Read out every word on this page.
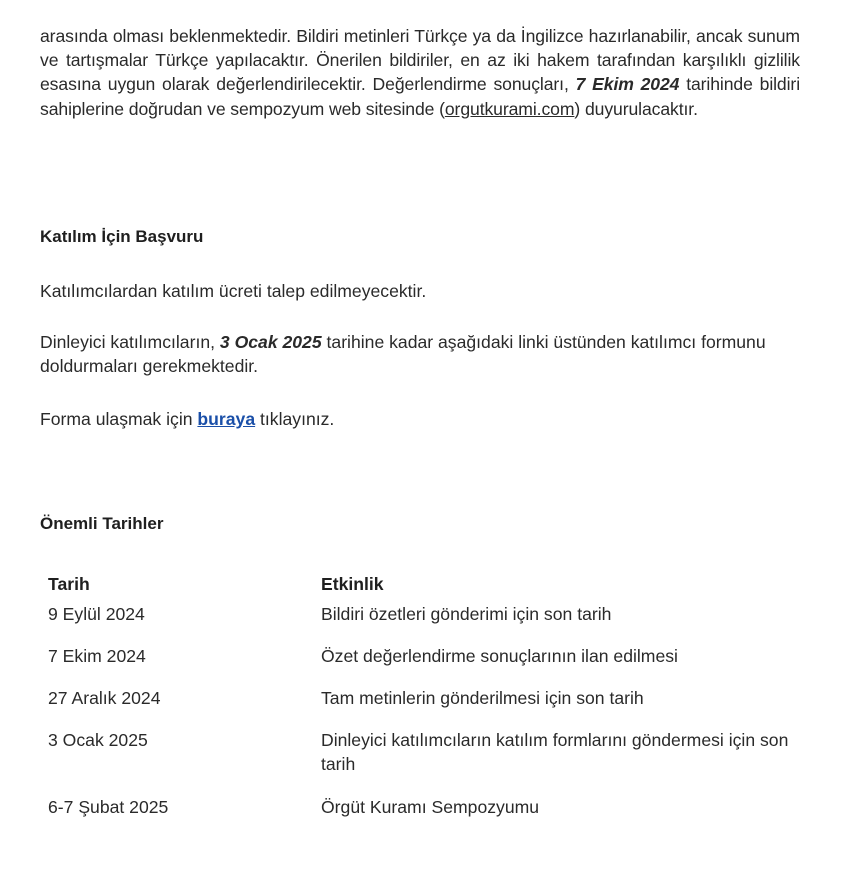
arasında olması beklenmektedir. Bildiri metinleri Türkçe ya da İngilizce hazırlanabilir, ancak sunum ve tartışmalar Türkçe yapılacaktır. Önerilen bildiriler, en az iki hakem tarafından karşılıklı gizlilik esasına uygun olarak değerlendirilecektir. Değerlendirme sonuçları, 7 Ekim 2024 tarihinde bildiri sahiplerine doğrudan ve sempozyum web sitesinde (orgutkurami.com) duyurulacaktır.

Katılım İçin Başvuru
Katılımcılardan katılım ücreti talep edilmeyecektir.
Dinleyici katılımcıların, 3 Ocak 2025 tarihine kadar aşağıdaki linki üstünden katılımcı formunu doldurmaları gerekmektedir.
Forma ulaşmak için buraya tıklayınız.
Önemli Tarihler
Tarih	Etkinlik
9 Eylül 2024	Bildiri özetleri gönderimi için son tarih
7 Ekim 2024	Özet değerlendirme sonuçlarının ilan edilmesi
27 Aralık 2024	Tam metinlerin gönderilmesi için son tarih
3 Ocak 2025	Dinleyici katılımcıların katılım formlarını göndermesi için son tarih
6-7 Şubat 2025	Örgüt Kuramı Sempozyumu
